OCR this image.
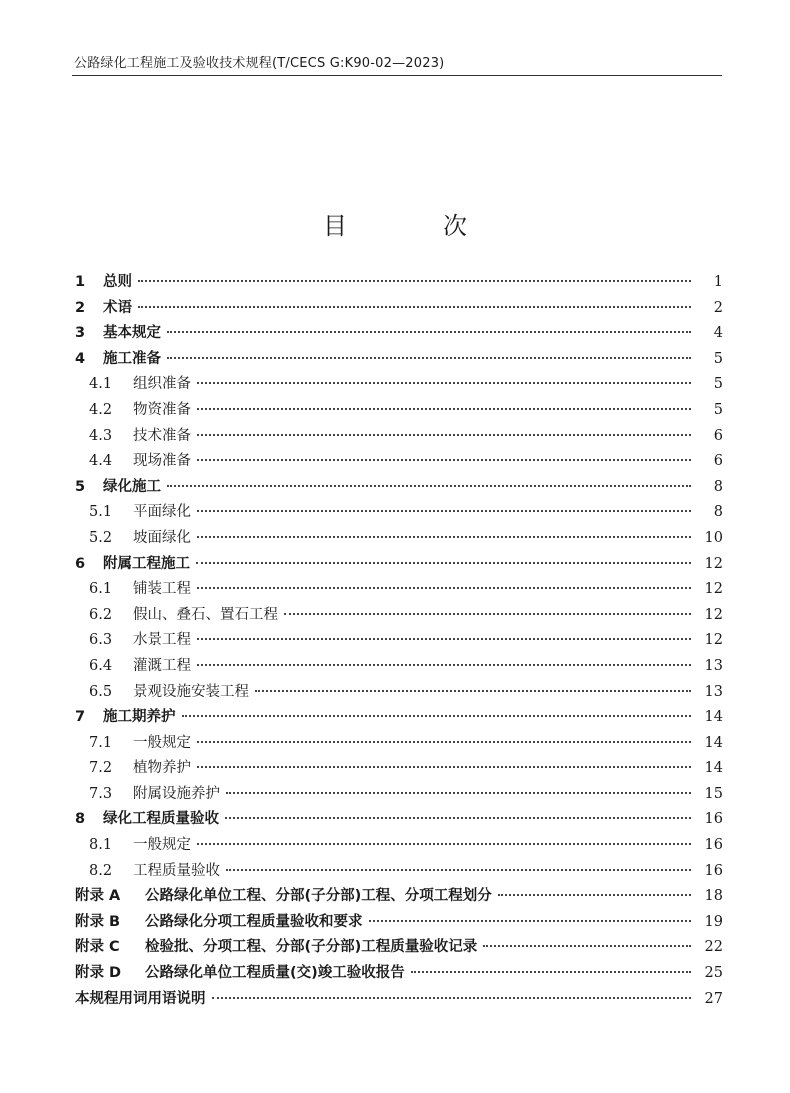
公路绿化工程施工及验收技术规程(T/CECS G:K90-02—2023)
目　次
1	总则	1
2	术语	2
3	基本规定	4
4	施工准备	5
4.1	组织准备	5
4.2	物资准备	5
4.3	技术准备	6
4.4	现场准备	6
5	绿化施工	8
5.1	平面绿化	8
5.2	坡面绿化	10
6	附属工程施工	12
6.1	铺装工程	12
6.2	假山、叠石、置石工程	12
6.3	水景工程	12
6.4	灌溉工程	13
6.5	景观设施安装工程	13
7	施工期养护	14
7.1	一般规定	14
7.2	植物养护	14
7.3	附属设施养护	15
8	绿化工程质量验收	16
8.1	一般规定	16
8.2	工程质量验收	16
附录 A	公路绿化单位工程、分部(子分部)工程、分项工程划分	18
附录 B	公路绿化分项工程质量验收和要求	19
附录 C	检验批、分项工程、分部(子分部)工程质量验收记录	22
附录 D	公路绿化单位工程质量(交)竣工验收报告	25
本规程用词用语说明	27
